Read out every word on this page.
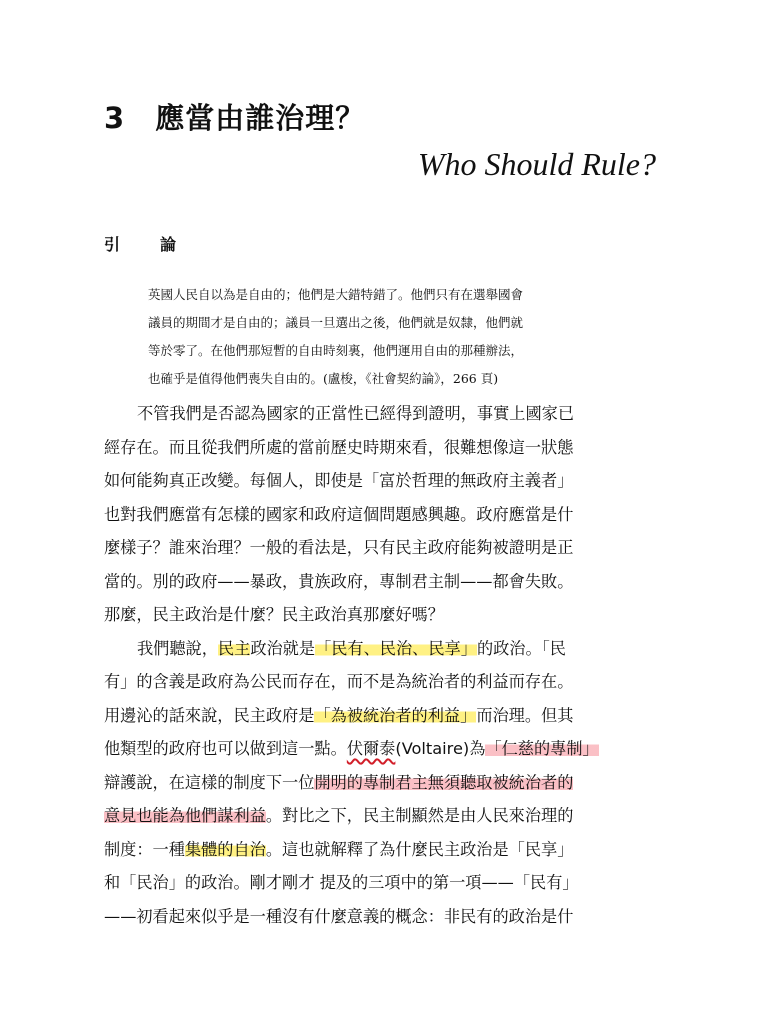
3 應當由誰治理？
Who Should Rule?
引　論
英國人民自以為是自由的；他們是大錯特錯了。他們只有在選舉國會
議員的期間才是自由的；議員一旦選出之後，他們就是奴隸，他們就
等於零了。在他們那短暫的自由時刻裏，他們運用自由的那種辦法，
也確乎是值得他們喪失自由的。(盧梭，《社會契約論》，266 頁)
不管我們是否認為國家的正當性已經得到證明，事實上國家已
經存在。而且從我們所處的當前歷史時期來看，很難想像這一狀態
如何能夠真正改變。每個人，即使是「富於哲理的無政府主義者」
也對我們應當有怎樣的國家和政府這個問題感興趣。政府應當是什
麼樣子？誰來治理？一般的看法是，只有民主政府能夠被證明是正
當的。別的政府——暴政，貴族政府，專制君主制——都會失敗。
那麼，民主政治是什麼？民主政治真那麼好嗎？
我們聽說，民主政治就是「民有、民治、民享」的政治。「民
有」的含義是政府為公民而存在，而不是為統治者的利益而存在。
用邊沁的話來說，民主政府是「為被統治者的利益」而治理。但其
他類型的政府也可以做到這一點。伏爾泰(Voltaire)為「仁慈的專制」
辯護說，在這樣的制度下一位開明的專制君主無須聽取被統治者的
意見也能為他們謀利益。對比之下，民主制顯然是由人民來治理的
制度：一種集體的自治。這也就解釋了為什麼民主政治是「民享」
和「民治」的政治。剛才剛才 提及的三項中的第一項——「民有」
——初看起來似乎是一種沒有什麼意義的概念：非民有的政治是什
